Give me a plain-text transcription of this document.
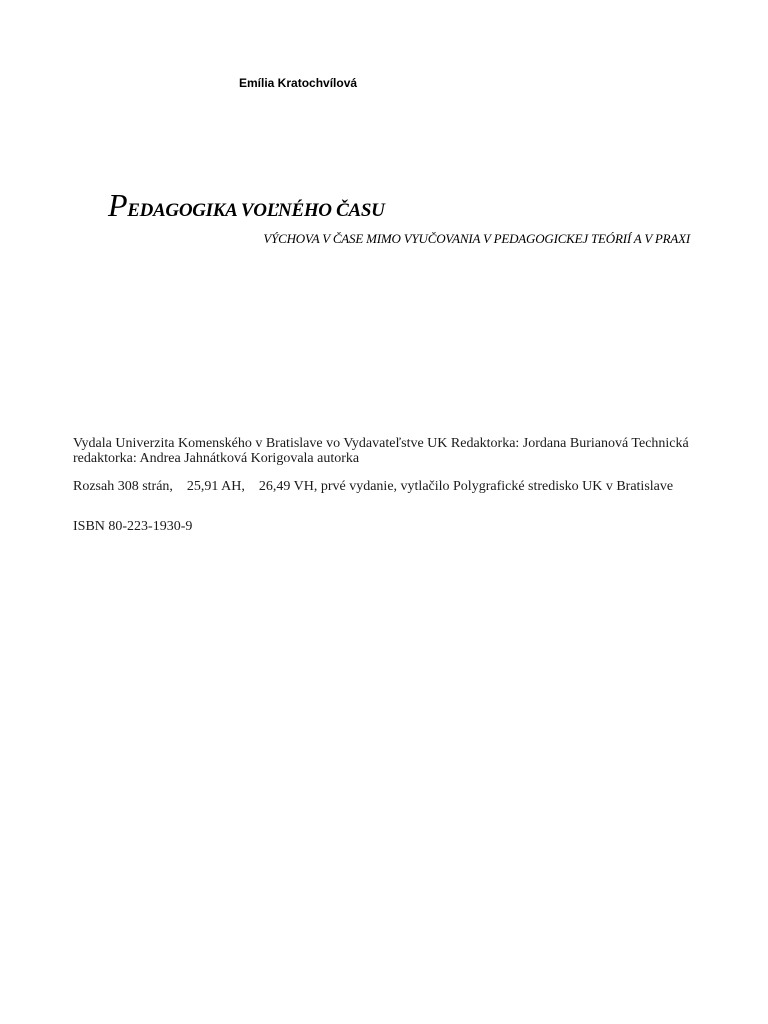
Emília Kratochvílová
PEDAGOGIKA VOĽNÉHO ČASU
VÝCHOVA V ČASE MIMO VYUČOVANIA V PEDAGOGICKEJ TEÓRIÍ A V PRAXI

Vydala Univerzita Komenského v Bratislave vo Vydavateľstve UK Redaktorka: Jordana Burianová Technická redaktorka: Andrea Jahnátková Korigovala autorka

Rozsah 308 strán,    25,91 AH,    26,49 VH, prvé vydanie, vytlačilo Polygrafické stredisko UK v Bratislave

ISBN 80-223-1930-9
